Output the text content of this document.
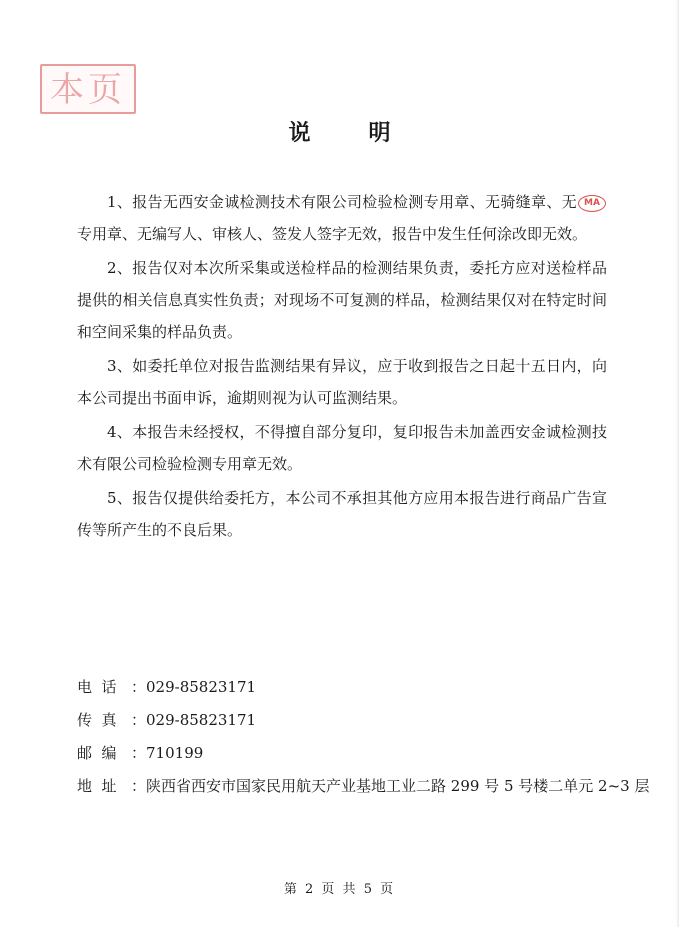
本页
说明

1、报告无西安金诚检测技术有限公司检验检测专用章、无骑缝章、无 MA专用章、无编写人、审核人、签发人签字无效，报告中发生任何涂改即无效。

2、报告仅对本次所采集或送检样品的检测结果负责，委托方应对送检样品提供的相关信息真实性负责；对现场不可复测的样品，检测结果仅对在特定时间和空间采集的样品负责。

3、如委托单位对报告监测结果有异议，应于收到报告之日起十五日内，向本公司提出书面申诉，逾期则视为认可监测结果。

4、本报告未经授权，不得擅自部分复印，复印报告未加盖西安金诚检测技术有限公司检验检测专用章无效。

5、报告仅提供给委托方，本公司不承担其他方应用本报告进行商品广告宣传等所产生的不良后果。

电  话 ：029-85823171
传  真 ：029-85823171
邮  编 ：710199
地  址 ：陕西省西安市国家民用航天产业基地工业二路 299 号 5 号楼二单元 2~3 层
第 2 页 共 5 页
